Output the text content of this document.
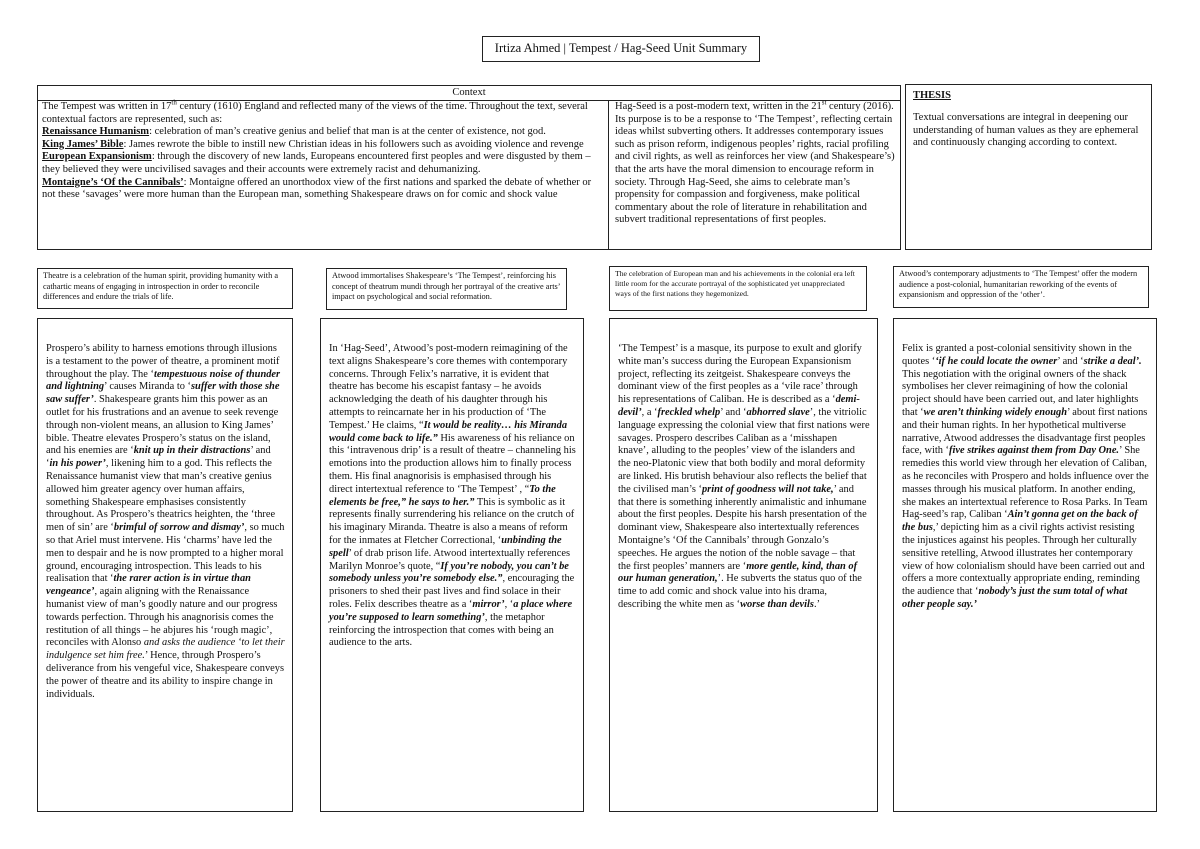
Irtiza Ahmed | Tempest / Hag-Seed Unit Summary
Context

The Tempest was written in 17th century (1610) England and reflected many of the views of the time. Throughout the text, several contextual factors are represented, such as:

Renaissance Humanism: celebration of man’s creative genius and belief that man is at the center of existence, not god.

King James’ Bible: James rewrote the bible to instill new Christian ideas in his followers such as avoiding violence and revenge

European Expansionism: through the discovery of new lands, Europeans encountered first peoples and were disgusted by them – they believed they were uncivilised savages and their accounts were extremely racist and dehumanizing.

Montaigne’s ‘Of the Cannibals’: Montaigne offered an unorthodox view of the first nations and sparked the debate of whether or not these ‘savages’ were more human than the European man, something Shakespeare draws on for comic and shock value

Hag-Seed is a post-modern text, written in the 21st century (2016). Its purpose is to be a response to ‘The Tempest’, reflecting certain ideas whilst subverting others. It addresses contemporary issues such as prison reform, indigenous peoples’ rights, racial profiling and civil rights, as well as reinforces her view (and Shakespeare’s) that the arts have the moral dimension to encourage reform in society. Through Hag-Seed, she aims to celebrate man’s propensity for compassion and forgiveness, make political commentary about the role of literature in rehabilitation and subvert traditional representations of first peoples.
THESIS
Textual conversations are integral in deepening our understanding of human values as they are ephemeral and continuously changing according to context.
Theatre is a celebration of the human spirit, providing humanity with a cathartic means of engaging in introspection in order to reconcile differences and endure the trials of life.
Atwood immortalises Shakespeare’s ‘The Tempest’, reinforcing his concept of theatrum mundi through her portrayal of the creative arts’ impact on psychological and social reformation.
The celebration of European man and his achievements in the colonial era left little room for the accurate portrayal of the sophisticated yet unappreciated ways of the first nations they hegemonized.
Atwood’s contemporary adjustments to ‘The Tempest’ offer the modern audience a post-colonial, humanitarian reworking of the events of expansionism and oppression of the ‘other’.
Prospero’s ability to harness emotions through illusions is a testament to the power of theatre, a prominent motif throughout the play. The ‘tempestuous noise of thunder and lightning’ causes Miranda to ‘suffer with those she saw suffer’. Shakespeare grants him this power as an outlet for his frustrations and an avenue to seek revenge through non-violent means, an allusion to King James’ bible. Theatre elevates Prospero’s status on the island, and his enemies are ‘knit up in their distractions’ and ‘in his power’, likening him to a god. This reflects the Renaissance humanist view that man’s creative genius allowed him greater agency over human affairs, something Shakespeare emphasises consistently throughout. As Prospero’s theatrics heighten, the ‘three men of sin’ are ‘brimful of sorrow and dismay’, so much so that Ariel must intervene. His ‘charms’ have led the men to despair and he is now prompted to a higher moral ground, encouraging introspection. This leads to his realisation that ‘the rarer action is in virtue than vengeance’, again aligning with the Renaissance humanist view of man’s goodly nature and our progress towards perfection. Through his anagnorisis comes the restitution of all things – he abjures his ‘rough magic’, reconciles with Alonso and asks the audience ‘to let their indulgence set him free.’ Hence, through Prospero’s deliverance from his vengeful vice, Shakespeare conveys the power of theatre and its ability to inspire change in individuals.
In ‘Hag-Seed’, Atwood’s post-modern reimagining of the text aligns Shakespeare’s core themes with contemporary concerns. Through Felix’s narrative, it is evident that theatre has become his escapist fantasy – he avoids acknowledging the death of his daughter through his attempts to reincarnate her in his production of ‘The Tempest.’ He claims, “It would be reality… his Miranda would come back to life.” His awareness of his reliance on this ‘intravenous drip’ is a result of theatre – channeling his emotions into the production allows him to finally process them. His final anagnorisis is emphasised through his direct intertextual reference to ‘The Tempest’ , “To the elements be free,” he says to her.” This is symbolic as it represents finally surrendering his reliance on the crutch of his imaginary Miranda. Theatre is also a means of reform for the inmates at Fletcher Correctional, ‘unbinding the spell’ of drab prison life. Atwood intertextually references Marilyn Monroe’s quote, “If you’re nobody, you can’t be somebody unless you’re somebody else.”, encouraging the prisoners to shed their past lives and find solace in their roles. Felix describes theatre as a ‘mirror’, ‘a place where you’re supposed to learn something’, the metaphor reinforcing the introspection that comes with being an audience to the arts.
‘The Tempest’ is a masque, its purpose to exult and glorify white man’s success during the European Expansionism project, reflecting its zeitgeist. Shakespeare conveys the dominant view of the first peoples as a ‘vile race’ through his representations of Caliban. He is described as a ‘demi-devil’, a ‘freckled whelp’ and ‘abhorred slave’, the vitriolic language expressing the colonial view that first nations were savages. Prospero describes Caliban as a ‘misshapen knave’, alluding to the peoples’ view of the islanders and the neo-Platonic view that both bodily and moral deformity are linked. His brutish behaviour also reflects the belief that the civilised man’s ‘print of goodness will not take,’ and that there is something inherently animalistic and inhumane about the first peoples. Despite his harsh presentation of the dominant view, Shakespeare also intertextually references Montaigne’s ‘Of the Cannibals’ through Gonzalo’s speeches. He argues the notion of the noble savage – that the first peoples’ manners are ‘more gentle, kind, than of our human generation,’. He subverts the status quo of the time to add comic and shock value into his drama, describing the white men as ‘worse than devils.’
Felix is granted a post-colonial sensitivity shown in the quotes ‘‘if he could locate the owner’ and ‘strike a deal’. This negotiation with the original owners of the shack symbolises her clever reimagining of how the colonial project should have been carried out, and later highlights that ‘we aren’t thinking widely enough’ about first nations and their human rights. In her hypothetical multiverse narrative, Atwood addresses the disadvantage first peoples face, with ‘five strikes against them from Day One.’ She remedies this world view through her elevation of Caliban, as he reconciles with Prospero and holds influence over the masses through his musical platform. In another ending, she makes an intertextual reference to Rosa Parks. In Team Hag-seed’s rap, Caliban ‘Ain’t gonna get on the back of the bus,’ depicting him as a civil rights activist resisting the injustices against his peoples. Through her culturally sensitive retelling, Atwood illustrates her contemporary view of how colonialism should have been carried out and offers a more contextually appropriate ending, reminding the audience that ‘nobody’s just the sum total of what other people say.’
